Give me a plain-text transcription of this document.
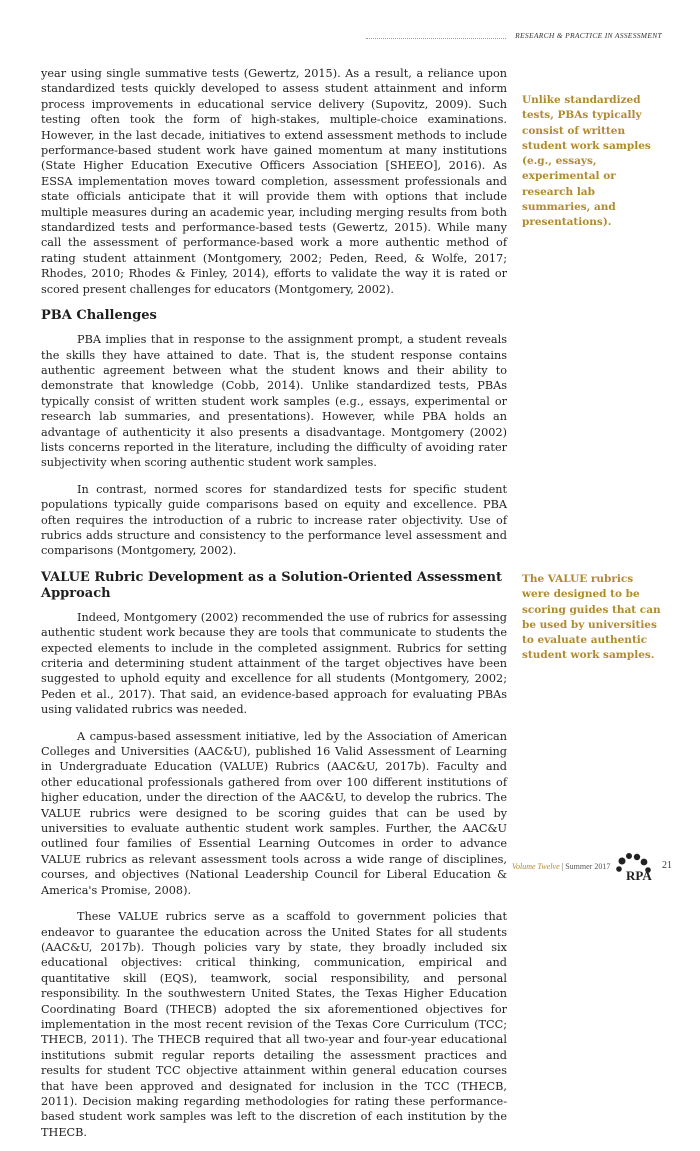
RESEARCH & PRACTICE IN ASSESSMENT

year using single summative tests (Gewertz, 2015). As a result, a reliance upon standardized tests quickly developed to assess student attainment and inform process improvements in educational service delivery (Supovitz, 2009). Such testing often took the form of high-stakes, multiple-choice examinations. However, in the last decade, initiatives to extend assessment methods to include performance-based student work have gained momentum at many institutions (State Higher Education Executive Officers Association [SHEEO], 2016). As ESSA implementation moves toward completion, assessment professionals and state officials anticipate that it will provide them with options that include multiple measures during an academic year, including merging results from both standardized tests and performance-based tests (Gewertz, 2015). While many call the assessment of performance-based work a more authentic method of rating student attainment (Montgomery, 2002; Peden, Reed, & Wolfe, 2017; Rhodes, 2010; Rhodes & Finley, 2014), efforts to validate the way it is rated or scored present challenges for educators (Montgomery, 2002).

PBA Challenges

PBA implies that in response to the assignment prompt, a student reveals the skills they have attained to date. That is, the student response contains authentic agreement between what the student knows and their ability to demonstrate that knowledge (Cobb, 2014). Unlike standardized tests, PBAs typically consist of written student work samples (e.g., essays, experimental or research lab summaries, and presentations). However, while PBA holds an advantage of authenticity it also presents a disadvantage. Montgomery (2002) lists concerns reported in the literature, including the difficulty of avoiding rater subjectivity when scoring authentic student work samples.

In contrast, normed scores for standardized tests for specific student populations typically guide comparisons based on equity and excellence. PBA often requires the introduction of a rubric to increase rater objectivity. Use of rubrics adds structure and consistency to the performance level assessment and comparisons (Montgomery, 2002).

VALUE Rubric Development as a Solution-Oriented Assessment Approach

Indeed, Montgomery (2002) recommended the use of rubrics for assessing authentic student work because they are tools that communicate to students the expected elements to include in the completed assignment. Rubrics for setting criteria and determining student attainment of the target objectives have been suggested to uphold equity and excellence for all students (Montgomery, 2002; Peden et al., 2017). That said, an evidence-based approach for evaluating PBAs using validated rubrics was needed.

A campus-based assessment initiative, led by the Association of American Colleges and Universities (AAC&U), published 16 Valid Assessment of Learning in Undergraduate Education (VALUE) Rubrics (AAC&U, 2017b). Faculty and other educational professionals gathered from over 100 different institutions of higher education, under the direction of the AAC&U, to develop the rubrics. The VALUE rubrics were designed to be scoring guides that can be used by universities to evaluate authentic student work samples. Further, the AAC&U outlined four families of Essential Learning Outcomes in order to advance VALUE rubrics as relevant assessment tools across a wide range of disciplines, courses, and objectives (National Leadership Council for Liberal Education & America's Promise, 2008).

These VALUE rubrics serve as a scaffold to government policies that endeavor to guarantee the education across the United States for all students (AAC&U, 2017b). Though policies vary by state, they broadly included six educational objectives: critical thinking, communication, empirical and quantitative skill (EQS), teamwork, social responsibility, and personal responsibility. In the southwestern United States, the Texas Higher Education Coordinating Board (THECB) adopted the six aforementioned objectives for implementation in the most recent revision of the Texas Core Curriculum (TCC; THECB, 2011). The THECB required that all two-year and four-year educational institutions submit regular reports detailing the assessment practices and results for student TCC objective attainment within general education courses that have been approved and designated for inclusion in the TCC (THECB, 2011). Decision making regarding methodologies for rating these performance-based student work samples was left to the discretion of each institution by the THECB.

Unlike standardized tests, PBAs typically consist of written student work samples (e.g., essays, experimental or research lab summaries, and presentations).
The VALUE rubrics were designed to be scoring guides that can be used by universities to evaluate authentic student work samples.
Volume Twelve | Summer 2017
RPA
21
